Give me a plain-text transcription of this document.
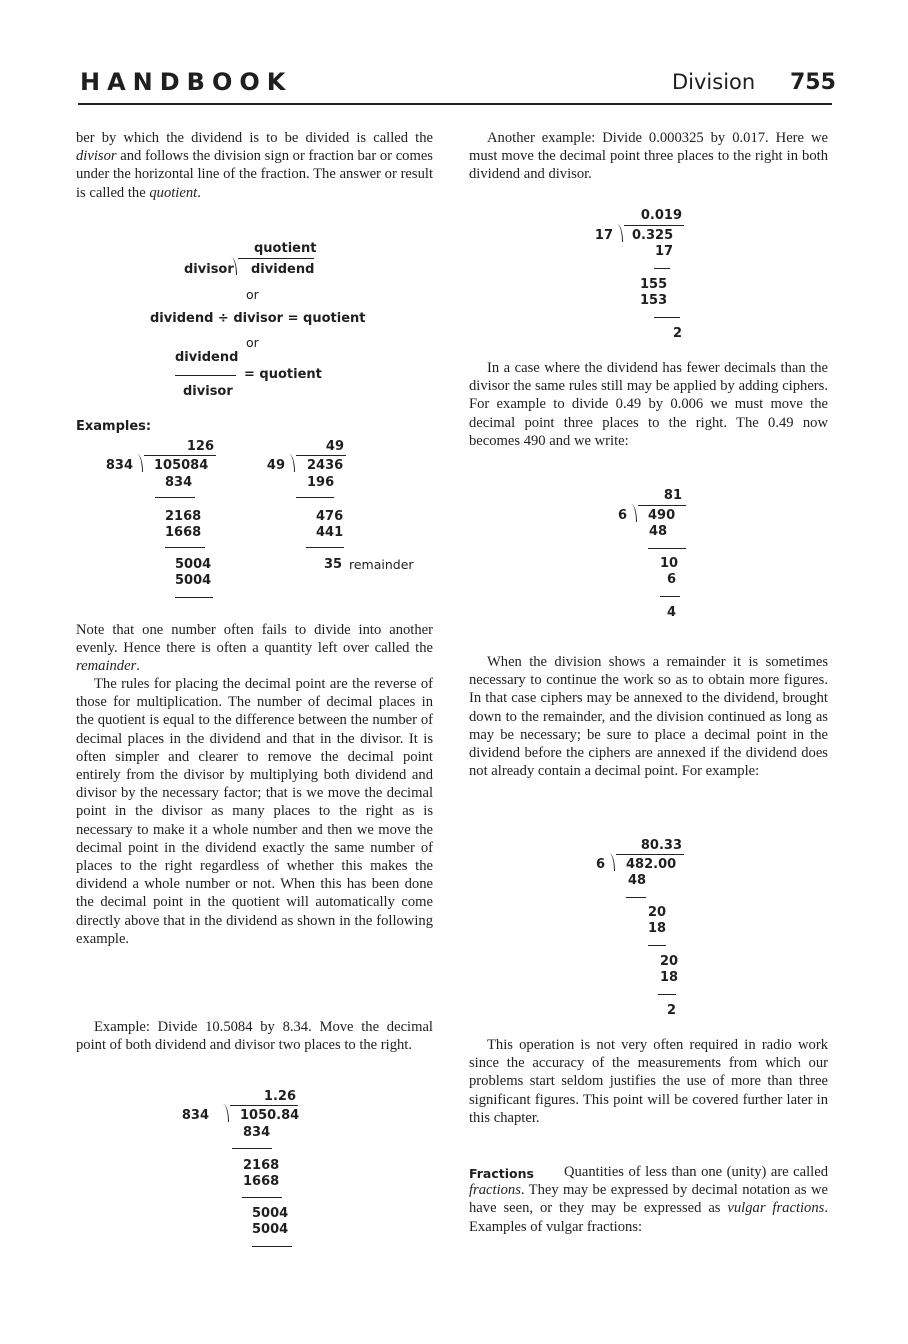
HANDBOOK	Division 755
ber by which the dividend is to be divided is called the divisor and follows the division sign or fraction bar or comes under the horizontal line of the fraction. The answer or result is called the quotient.
quotient
divisor dividend
or
dividend ÷ divisor = quotient
or
dividend
divisor
= quotient
Examples:
126
834 105084
834
2168
1668
5004
5004
49
49 2436
196
476
441
35 remainder
Note that one number often fails to divide into another evenly. Hence there is often a quantity left over called the remainder.
The rules for placing the decimal point are the reverse of those for multiplication. The number of decimal places in the quotient is equal to the difference between the number of decimal places in the dividend and that in the divisor. It is often simpler and clearer to remove the decimal point entirely from the divisor by multiplying both dividend and divisor by the necessary factor; that is we move the decimal point in the divisor as many places to the right as is necessary to make it a whole number and then we move the decimal point in the dividend exactly the same number of places to the right regardless of whether this makes the dividend a whole number or not. When this has been done the decimal point in the quotient will automatically come directly above that in the dividend as shown in the following example.
Example: Divide 10.5084 by 8.34. Move the decimal point of both dividend and divisor two places to the right.
1.26
834 1050.84
834
2168
1668
5004
5004
Another example: Divide 0.000325 by 0.017. Here we must move the decimal point three places to the right in both dividend and divisor.
0.019
17 0.325
17
155
153
2
In a case where the dividend has fewer decimals than the divisor the same rules still may be applied by adding ciphers. For example to divide 0.49 by 0.006 we must move the decimal point three places to the right. The 0.49 now becomes 490 and we write:
81
6 490
48
10
6
4
When the division shows a remainder it is sometimes necessary to continue the work so as to obtain more figures. In that case ciphers may be annexed to the dividend, brought down to the remainder, and the division continued as long as may be necessary; be sure to place a decimal point in the dividend before the ciphers are annexed if the dividend does not already contain a decimal point. For example:
80.33
6 482.00
48
20
18
20
18
2
This operation is not very often required in radio work since the accuracy of the measurements from which our problems start seldom justifies the use of more than three significant figures. This point will be covered further later in this chapter.
Fractions	Quantities of less than one (unity) are called fractions. They may be expressed by decimal notation as we have seen, or they may be expressed as vulgar fractions. Examples of vulgar fractions:
